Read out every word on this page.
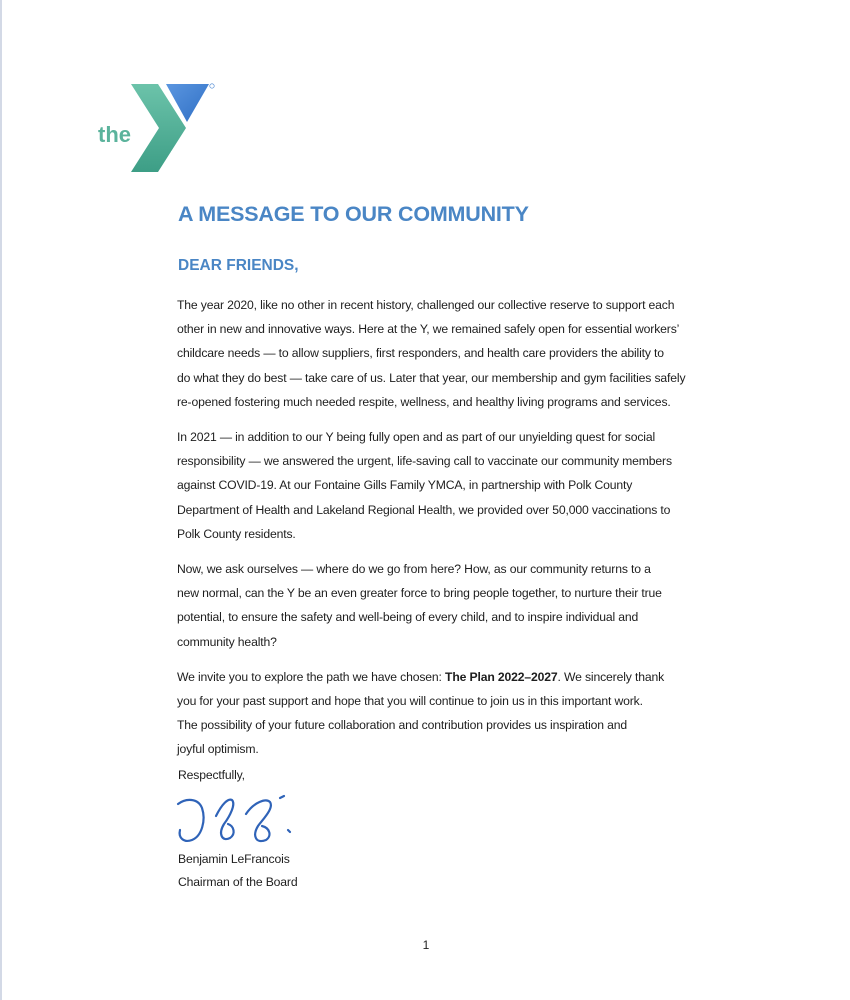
the
YMCA
A MESSAGE TO OUR COMMUNITY
DEAR FRIENDS,

The year 2020, like no other in recent history, challenged our collective reserve to support each
other in new and innovative ways. Here at the Y, we remained safely open for essential workers’
childcare needs — to allow suppliers, first responders, and health care providers the ability to
do what they do best — take care of us. Later that year, our membership and gym facilities safely
re-opened fostering much needed respite, wellness, and healthy living programs and services.

In 2021 — in addition to our Y being fully open and as part of our unyielding quest for social
responsibility — we answered the urgent, life-saving call to vaccinate our community members
against COVID-19. At our Fontaine Gills Family YMCA, in partnership with Polk County
Department of Health and Lakeland Regional Health, we provided over 50,000 vaccinations to
Polk County residents.

Now, we ask ourselves — where do we go from here? How, as our community returns to a
new normal, can the Y be an even greater force to bring people together, to nurture their true
potential, to ensure the safety and well-being of every child, and to inspire individual and
community health?

We invite you to explore the path we have chosen: The Plan 2022–2027. We sincerely thank
you for your past support and hope that you will continue to join us in this important work.
The possibility of your future collaboration and contribution provides us inspiration and
joyful optimism.

Respectfully,
Benjamin LeFrancois
Chairman of the Board
1
